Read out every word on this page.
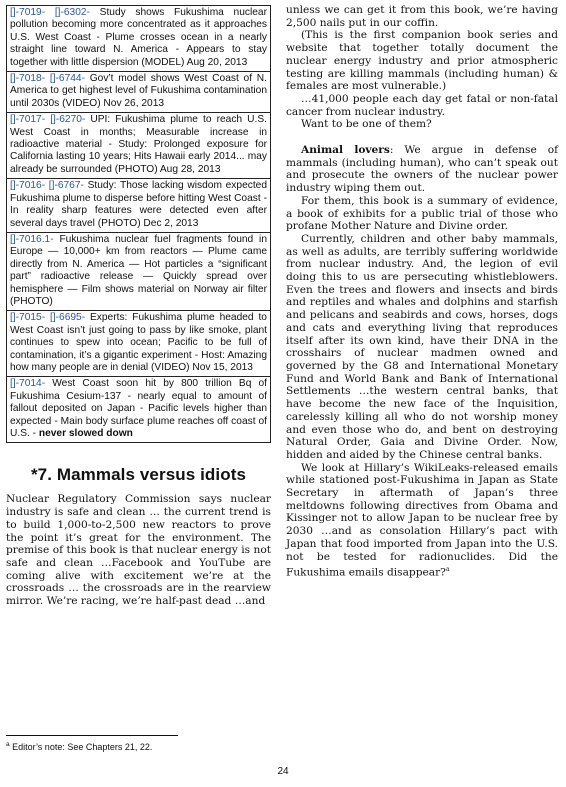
[]-7019- []-6302- Study shows Fukushima nuclear pollution becoming more concentrated as it approaches U.S. West Coast - Plume crosses ocean in a nearly straight line toward N. America - Appears to stay together with little dispersion (MODEL) Aug 20, 2013
[]-7018- []-6744- Gov’t model shows West Coast of N. America to get highest level of Fukushima contamination until 2030s (VIDEO) Nov 26, 2013
[]-7017- []-6270- UPI: Fukushima plume to reach U.S. West Coast in months; Measurable increase in radioactive material - Study: Prolonged exposure for California lasting 10 years; Hits Hawaii early 2014... may already be surrounded (PHOTO) Aug 28, 2013
[]-7016- []-6767- Study: Those lacking wisdom expected Fukushima plume to disperse before hitting West Coast - In reality sharp features were detected even after several days travel (PHOTO) Dec 2, 2013
[]-7016.1- Fukushima nuclear fuel fragments found in Europe — 10,000+ km from reactors — Plume came directly from N. America — Hot particles a “significant part” radioactive release — Quickly spread over hemisphere — Film shows material on Norway air filter (PHOTO)
[]-7015- []-6695- Experts: Fukushima plume headed to West Coast isn’t just going to pass by like smoke, plant continues to spew into ocean; Pacific to be full of contamination, it’s a gigantic experiment - Host: Amazing how many people are in denial (VIDEO) Nov 15, 2013
[]-7014- West Coast soon hit by 800 trillion Bq of Fukushima Cesium-137 - nearly equal to amount of fallout deposited on Japan - Pacific levels higher than expected - Main body surface plume reaches off coast of U.S. - never slowed down
*7. Mammals versus idiots

Nuclear Regulatory Commission says nuclear industry is safe and clean … the current trend is to build 1,000-to-2,500 new reactors to prove the point it’s great for the environment. The premise of this book is that nuclear energy is not safe and clean …Facebook and YouTube are coming alive with excitement we’re at the crossroads … the crossroads are in the rearview mirror. We’re racing, we’re half-past dead …and

unless we can get it from this book, we’re having 2,500 nails put in our coffin.

(This is the first companion book series and website that together totally document the nuclear energy industry and prior atmospheric testing are killing mammals (including human) & females are most vulnerable.)

…41,000 people each day get fatal or non-fatal cancer from nuclear industry.

Want to be one of them?

Animal lovers: We argue in defense of mammals (including human), who can’t speak out and prosecute the owners of the nuclear power industry wiping them out.

For them, this book is a summary of evidence, a book of exhibits for a public trial of those who profane Mother Nature and Divine order.

Currently, children and other baby mammals, as well as adults, are terribly suffering worldwide from nuclear industry. And, the legion of evil doing this to us are persecuting whistleblowers. Even the trees and flowers and insects and birds and reptiles and whales and dolphins and starfish and pelicans and seabirds and cows, horses, dogs and cats and everything living that reproduces itself after its own kind, have their DNA in the crosshairs of nuclear madmen owned and governed by the G8 and International Monetary Fund and World Bank and Bank of International Settlements …the western central banks, that have become the new face of the Inquisition, carelessly killing all who do not worship money and even those who do, and bent on destroying Natural Order, Gaia and Divine Order. Now, hidden and aided by the Chinese central banks.

We look at Hillary’s WikiLeaks-released emails while stationed post-Fukushima in Japan as State Secretary in aftermath of Japan’s three meltdowns following directives from Obama and Kissinger not to allow Japan to be nuclear free by 2030 …and as consolation Hillary’s pact with Japan that food imported from Japan into the U.S. not be tested for radionuclides. Did the Fukushima emails disappear?$^a$

$^a$ Editor’s note: See Chapters 21, 22.
24
